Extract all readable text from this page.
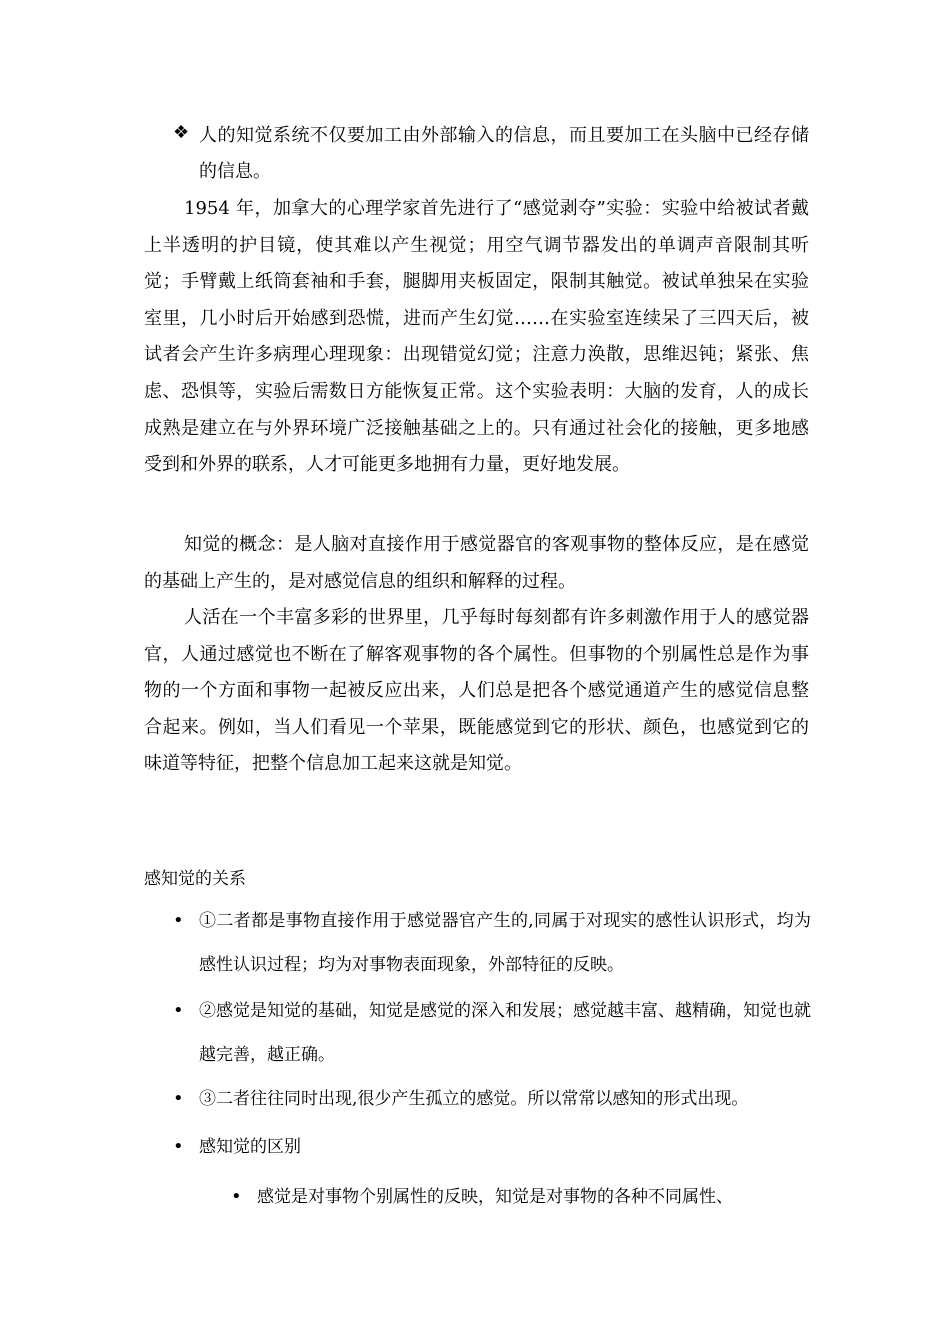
❖ 人的知觉系统不仅要加工由外部输入的信息，而且要加工在头脑中已经存储的信息。

1954 年，加拿大的心理学家首先进行了“感觉剥夺”实验：实验中给被试者戴上半透明的护目镜，使其难以产生视觉；用空气调节器发出的单调声音限制其听觉；手臂戴上纸筒套袖和手套，腿脚用夹板固定，限制其触觉。被试单独呆在实验室里，几小时后开始感到恐慌，进而产生幻觉……在实验室连续呆了三四天后，被试者会产生许多病理心理现象：出现错觉幻觉；注意力涣散，思维迟钝；紧张、焦虑、恐惧等，实验后需数日方能恢复正常。这个实验表明：大脑的发育，人的成长成熟是建立在与外界环境广泛接触基础之上的。只有通过社会化的接触，更多地感受到和外界的联系，人才可能更多地拥有力量，更好地发展。

知觉的概念：是人脑对直接作用于感觉器官的客观事物的整体反应，是在感觉的基础上产生的，是对感觉信息的组织和解释的过程。

人活在一个丰富多彩的世界里，几乎每时每刻都有许多刺激作用于人的感觉器官，人通过感觉也不断在了解客观事物的各个属性。但事物的个别属性总是作为事物的一个方面和事物一起被反应出来，人们总是把各个感觉通道产生的感觉信息整合起来。例如，当人们看见一个苹果，既能感觉到它的形状、颜色，也感觉到它的味道等特征，把整个信息加工起来这就是知觉。

感知觉的关系

• ①二者都是事物直接作用于感觉器官产生的,同属于对现实的感性认识形式，均为感性认识过程；均为对事物表面现象，外部特征的反映。
• ②感觉是知觉的基础，知觉是感觉的深入和发展；感觉越丰富、越精确，知觉也就越完善，越正确。
• ③二者往往同时出现,很少产生孤立的感觉。所以常常以感知的形式出现。
• 感知觉的区别
• 感觉是对事物个别属性的反映，知觉是对事物的各种不同属性、
